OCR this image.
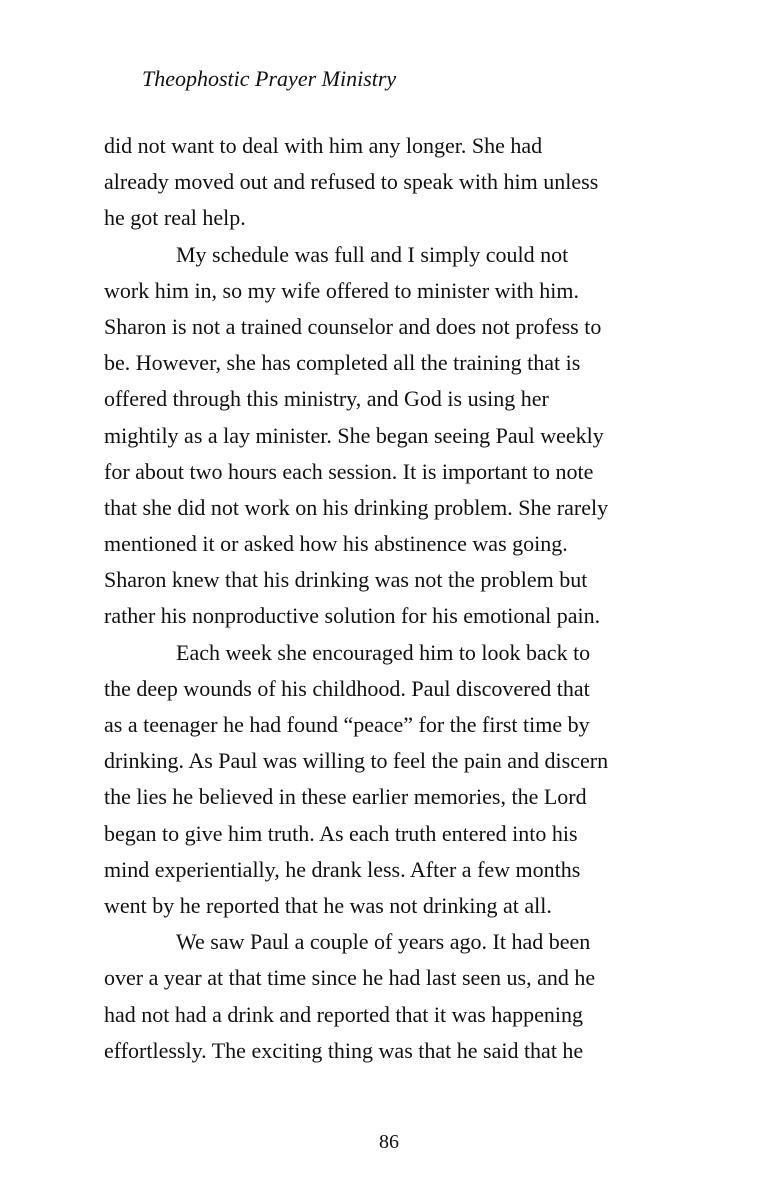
Theophostic Prayer Ministry
did not want to deal with him any longer. She had
already moved out and refused to speak with him unless
he got real help.
My schedule was full and I simply could not
work him in, so my wife offered to minister with him.
Sharon is not a trained counselor and does not profess to
be. However, she has completed all the training that is
offered through this ministry, and God is using her
mightily as a lay minister. She began seeing Paul weekly
for about two hours each session. It is important to note
that she did not work on his drinking problem. She rarely
mentioned it or asked how his abstinence was going.
Sharon knew that his drinking was not the problem but
rather his nonproductive solution for his emotional pain.
Each week she encouraged him to look back to
the deep wounds of his childhood. Paul discovered that
as a teenager he had found “peace” for the first time by
drinking. As Paul was willing to feel the pain and discern
the lies he believed in these earlier memories, the Lord
began to give him truth. As each truth entered into his
mind experientially, he drank less. After a few months
went by he reported that he was not drinking at all.
We saw Paul a couple of years ago. It had been
over a year at that time since he had last seen us, and he
had not had a drink and reported that it was happening
effortlessly. The exciting thing was that he said that he
86
